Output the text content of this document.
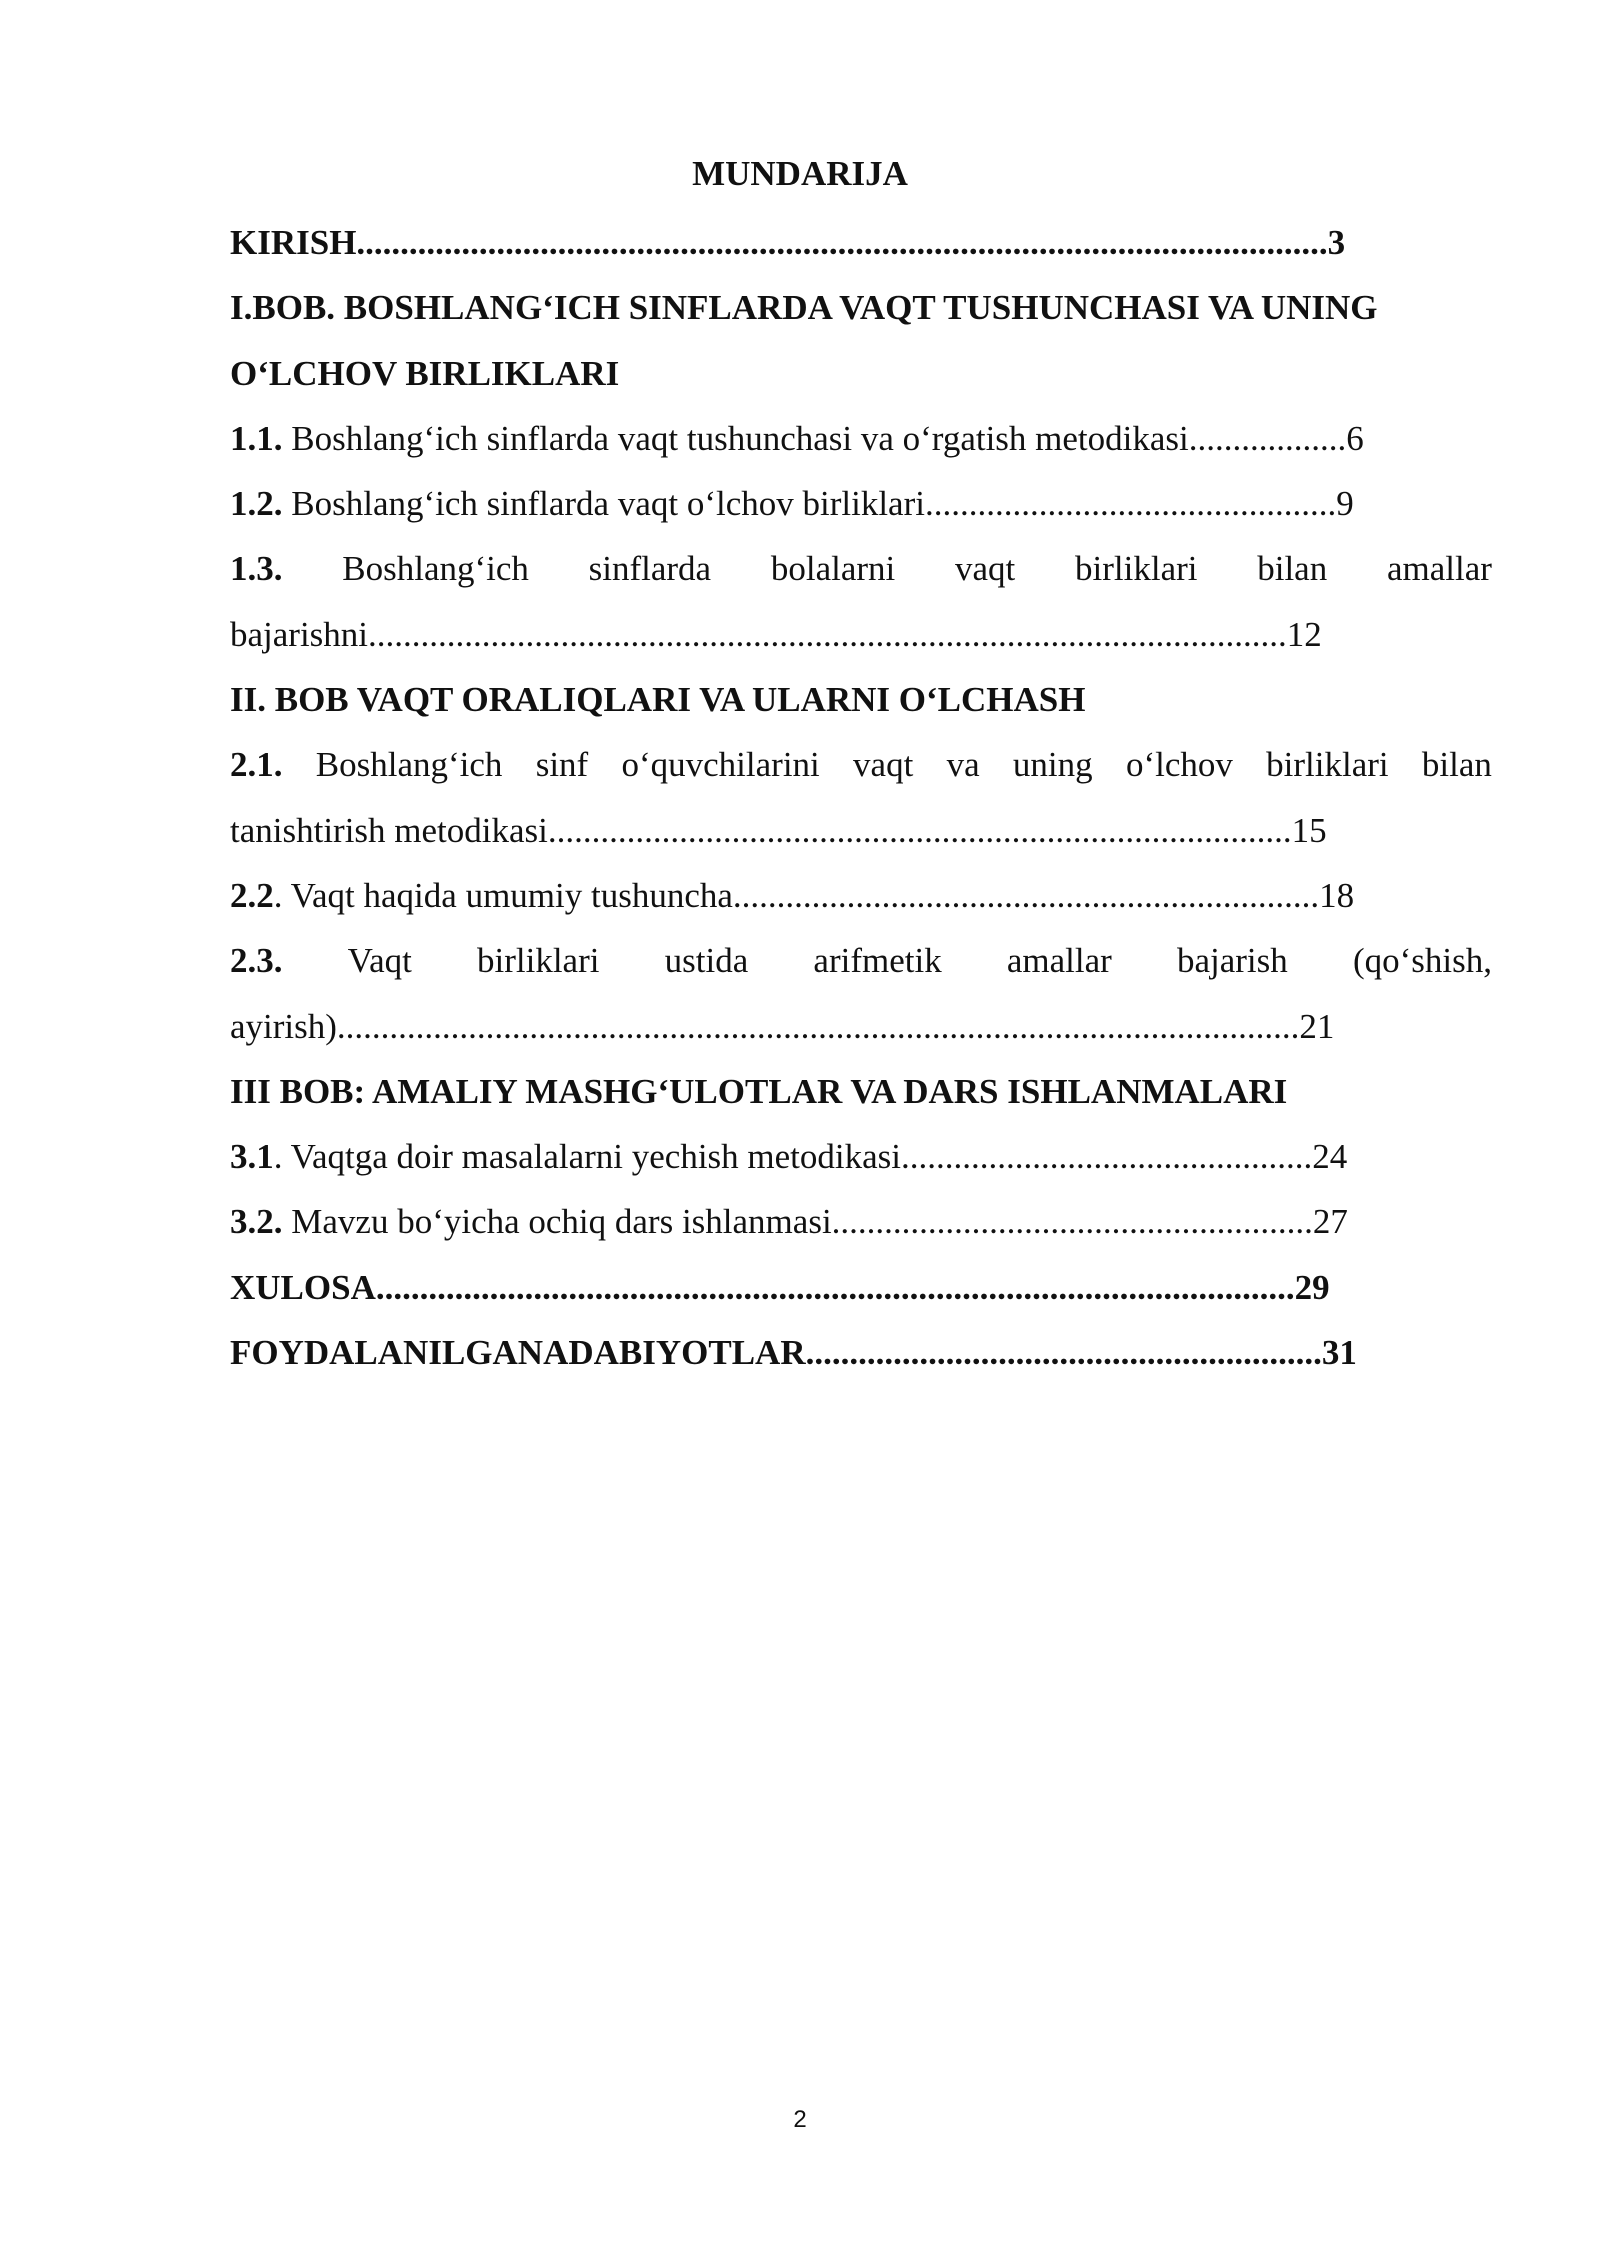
MUNDARIJA
KIRISH...............................................................................................................3
I.BOB. BOSHLANG‘ICH SINFLARDA VAQT TUSHUNCHASI VA UNING
O‘LCHOV BIRLIKLARI
1.1. Boshlang‘ich sinflarda vaqt tushunchasi va o‘rgatish metodikasi..................6
1.2. Boshlang‘ich sinflarda vaqt o‘lchov birliklari...............................................9
1.3. Boshlang‘ich sinflarda bolalarni vaqt birliklari bilan amallar
bajarishni.........................................................................................................12
II. BOB VAQT ORALIQLARI VA ULARNI O‘LCHASH
2.1. Boshlang‘ich sinf o‘quvchilarini vaqt va uning o‘lchov birliklari bilan
tanishtirish metodikasi.....................................................................................15
2.2. Vaqt haqida umumiy tushuncha...................................................................18
2.3. Vaqt birliklari ustida arifmetik amallar bajarish (qo‘shish,
ayirish)..............................................................................................................21
III BOB: AMALIY MASHG‘ULOTLAR VA DARS ISHLANMALARI
3.1. Vaqtga doir masalalarni yechish metodikasi...............................................24
3.2. Mavzu bo‘yicha ochiq dars ishlanmasi.......................................................27
XULOSA.........................................................................................................29
FOYDALANILGANADABIYOTLAR...........................................................31
2
